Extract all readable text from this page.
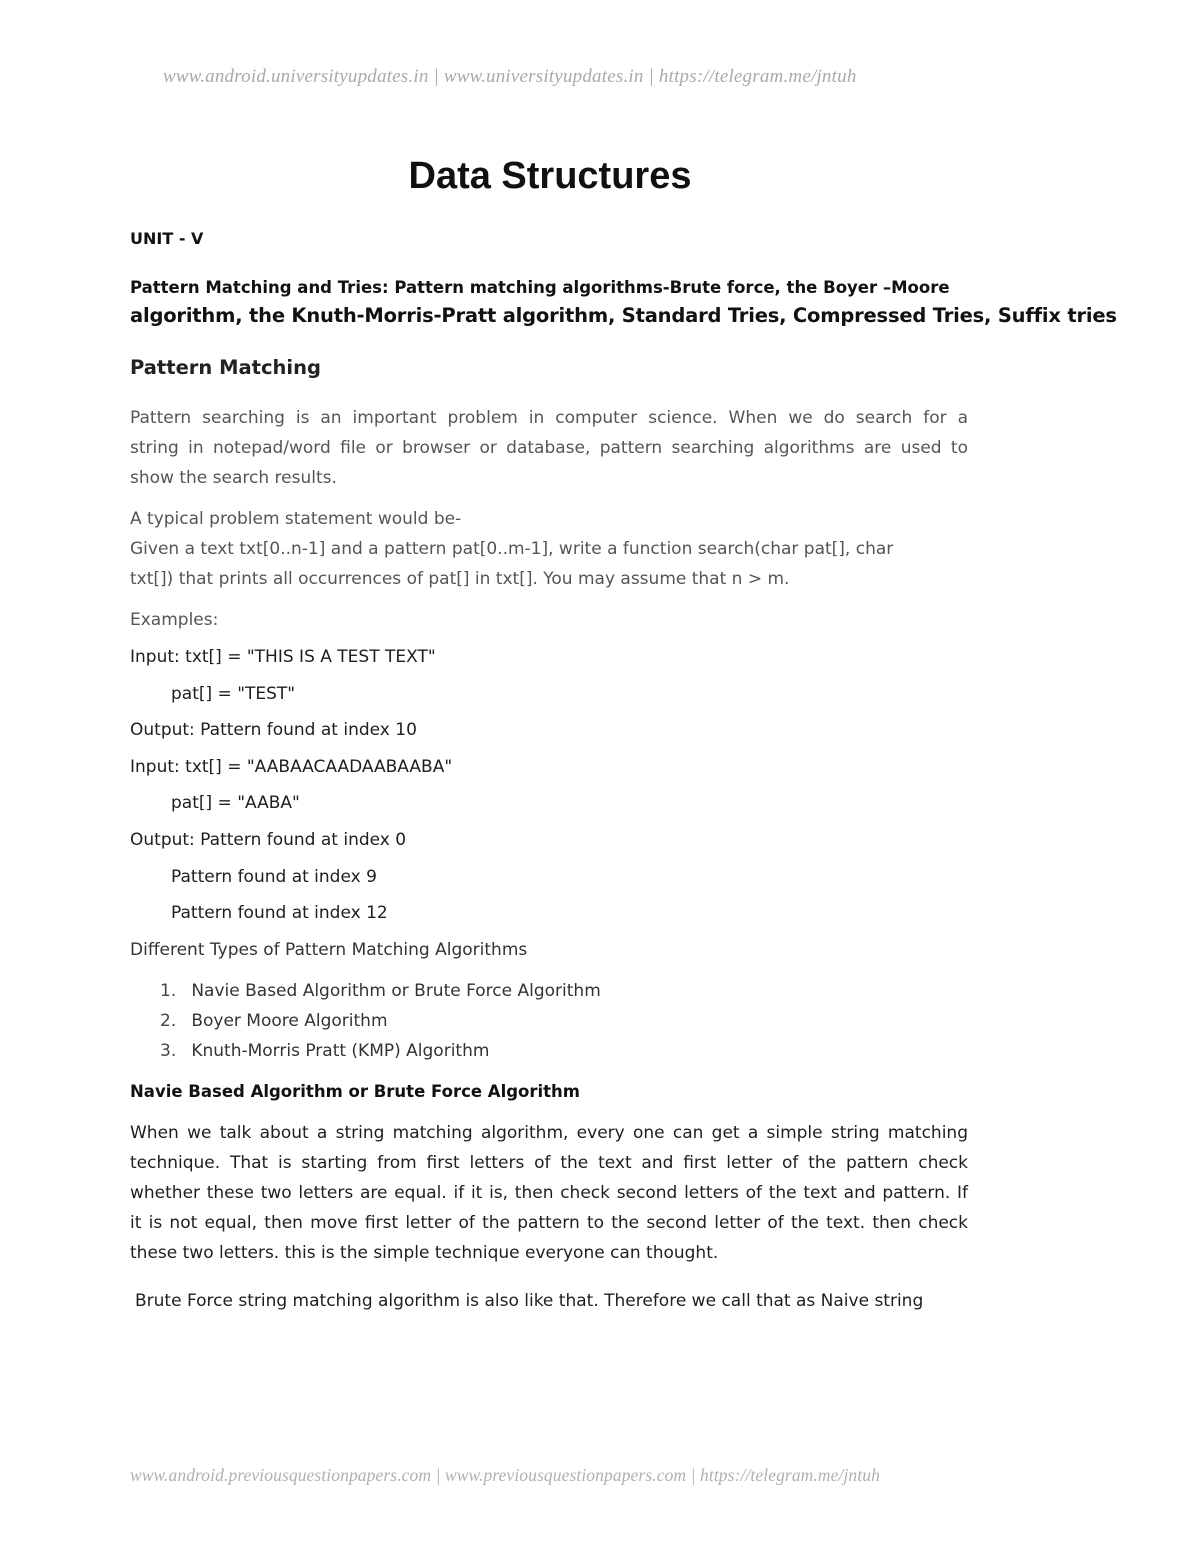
www.android.universityupdates.in | www.universityupdates.in | https://telegram.me/jntuh
Data Structures
UNIT - V
Pattern Matching and Tries: Pattern matching algorithms-Brute force, the Boyer –Moore
algorithm, the Knuth-Morris-Pratt algorithm, Standard Tries, Compressed Tries, Suffix tries
Pattern Matching
Pattern searching is an important problem in computer science. When we do search for a
string in notepad/word file or browser or database, pattern searching algorithms are used to
show the search results.
A typical problem statement would be-
Given a text txt[0..n-1] and a pattern pat[0..m-1], write a function search(char pat[], char
txt[]) that prints all occurrences of pat[] in txt[]. You may assume that n > m.
Examples:
Input: txt[] = "THIS IS A TEST TEXT"
pat[] = "TEST"
Output: Pattern found at index 10
Input: txt[] = "AABAACAADAABAABA"
pat[] = "AABA"
Output: Pattern found at index 0
Pattern found at index 9
Pattern found at index 12
Different Types of Pattern Matching Algorithms
1. Navie Based Algorithm or Brute Force Algorithm
2. Boyer Moore Algorithm
3. Knuth-Morris Pratt (KMP) Algorithm
Navie Based Algorithm or Brute Force Algorithm
When we talk about a string matching algorithm, every one can get a simple string matching
technique. That is starting from first letters of the text and first letter of the pattern check
whether these two letters are equal. if it is, then check second letters of the text and pattern. If
it is not equal, then move first letter of the pattern to the second letter of the text. then check
these two letters. this is the simple technique everyone can thought.
Brute Force string matching algorithm is also like that. Therefore we call that as Naive string
www.android.previousquestionpapers.com | www.previousquestionpapers.com | https://telegram.me/jntuh
